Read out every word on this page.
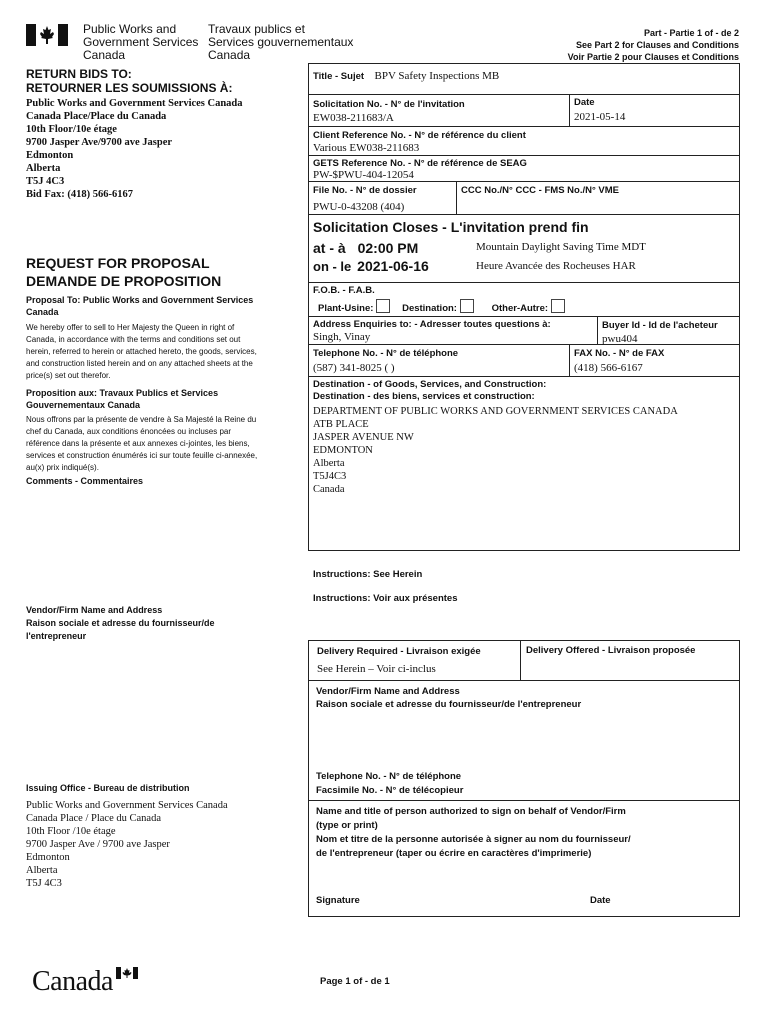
Public Works and
Government Services
Canada
Travaux publics et
Services gouvernementaux
Canada
Part - Partie 1 of - de 2
See Part 2 for Clauses and Conditions
Voir Partie 2 pour Clauses et Conditions
RETURN BIDS TO:
RETOURNER LES SOUMISSIONS À:
Public Works and Government Services Canada
Canada Place/Place du Canada
10th Floor/10e étage
9700 Jasper Ave/9700 ave Jasper
Edmonton
Alberta
T5J 4C3
Bid Fax: (418) 566-6167
REQUEST FOR PROPOSAL
DEMANDE DE PROPOSITION
Proposal To: Public Works and Government Services Canada
We hereby offer to sell to Her Majesty the Queen in right of Canada, in accordance with the terms and conditions set out herein, referred to herein or attached hereto, the goods, services, and construction listed herein and on any attached sheets at the price(s) set out therefor.
Proposition aux: Travaux Publics et Services Gouvernementaux Canada
Nous offrons par la présente de vendre à Sa Majesté la Reine du chef du Canada, aux conditions énoncées ou incluses par référence dans la présente et aux annexes ci-jointes, les biens, services et construction énumérés ici sur toute feuille ci-annexée, au(x) prix indiqué(s).
Comments - Commentaires
Vendor/Firm Name and Address
Raison sociale et adresse du fournisseur/de l'entrepreneur
Issuing Office - Bureau de distribution
Public Works and Government Services Canada
Canada Place / Place du Canada
10th Floor /10e étage
9700 Jasper Ave / 9700 ave Jasper
Edmonton
Alberta
T5J 4C3
Title - Sujet BPV Safety Inspections MB
Solicitation No. - N° de l'invitation
EW038-211683/A
Date
2021-05-14
Client Reference No. - N° de référence du client
Various EW038-211683
GETS Reference No. - N° de référence de SEAG
PW-$PWU-404-12054
File No. - N° de dossier
PWU-0-43208 (404)
CCC No./N° CCC - FMS No./N° VME
Solicitation Closes - L'invitation prend fin
at - à 02:00 PM
on - le 2021-06-16
Mountain Daylight Saving Time MDT
Heure Avancée des Rocheuses HAR
F.O.B. - F.A.B.
Plant-Usine:	Destination:	Other-Autre:
Address Enquiries to: - Adresser toutes questions à:
Singh, Vinay
Buyer Id - Id de l'acheteur
pwu404
Telephone No. - N° de téléphone
(587) 341-8025 ( )
FAX No. - N° de FAX
(418) 566-6167
Destination - of Goods, Services, and Construction:
Destination - des biens, services et construction:
DEPARTMENT OF PUBLIC WORKS AND GOVERNMENT SERVICES CANADA
ATB PLACE
JASPER AVENUE NW
EDMONTON
Alberta
T5J4C3
Canada
Instructions: See Herein
Instructions: Voir aux présentes
Delivery Required - Livraison exigée
See Herein – Voir ci-inclus
Delivery Offered - Livraison proposée
Vendor/Firm Name and Address
Raison sociale et adresse du fournisseur/de l'entrepreneur
Telephone No. - N° de téléphone
Facsimile No. - N° de télécopieur
Name and title of person authorized to sign on behalf of Vendor/Firm
(type or print)
Nom et titre de la personne autorisée à signer au nom du fournisseur/
de l'entrepreneur (taper ou écrire en caractères d'imprimerie)
Signature	Date
Page 1 of - de 1
Canada
